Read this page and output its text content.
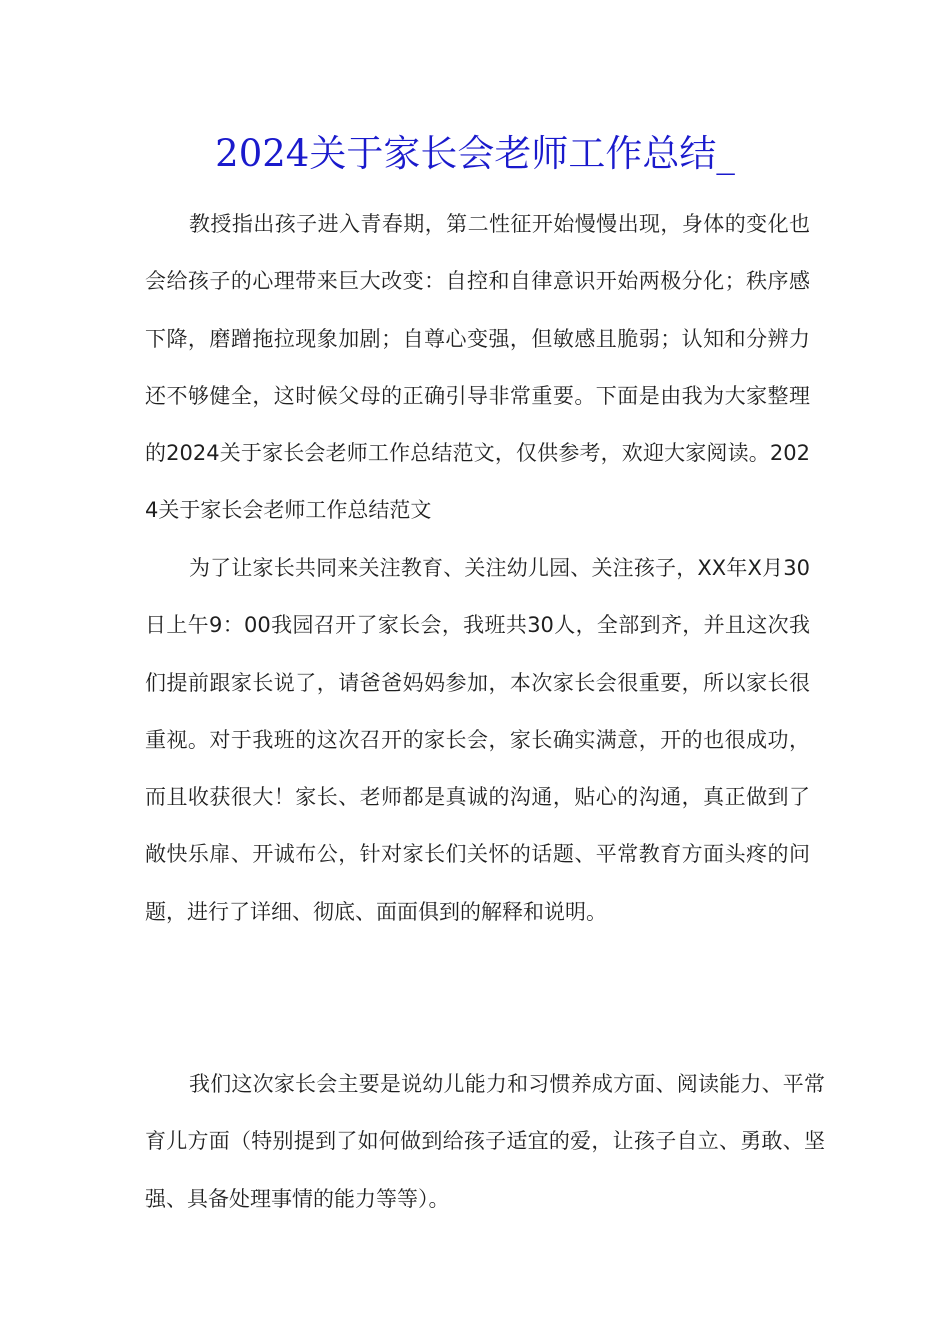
2024关于家长会老师工作总结_

教授指出孩子进入青春期，第二性征开始慢慢出现，身体的变化也会给孩子的心理带来巨大改变：自控和自律意识开始两极分化；秩序感下降，磨蹭拖拉现象加剧；自尊心变强，但敏感且脆弱；认知和分辨力还不够健全，这时候父母的正确引导非常重要。下面是由我为大家整理的2024关于家长会老师工作总结范文，仅供参考，欢迎大家阅读。2024关于家长会老师工作总结范文

为了让家长共同来关注教育、关注幼儿园、关注孩子，XX年X月30日上午9：00我园召开了家长会，我班共30人，全部到齐，并且这次我们提前跟家长说了，请爸爸妈妈参加，本次家长会很重要，所以家长很重视。对于我班的这次召开的家长会，家长确实满意，开的也很成功，而且收获很大！家长、老师都是真诚的沟通，贴心的沟通，真正做到了敞快乐扉、开诚布公，针对家长们关怀的话题、平常教育方面头疼的问题，进行了详细、彻底、面面俱到的解释和说明。

我们这次家长会主要是说幼儿能力和习惯养成方面、阅读能力、平常育儿方面（特别提到了如何做到给孩子适宜的爱，让孩子自立、勇敢、坚强、具备处理事情的能力等等）。
